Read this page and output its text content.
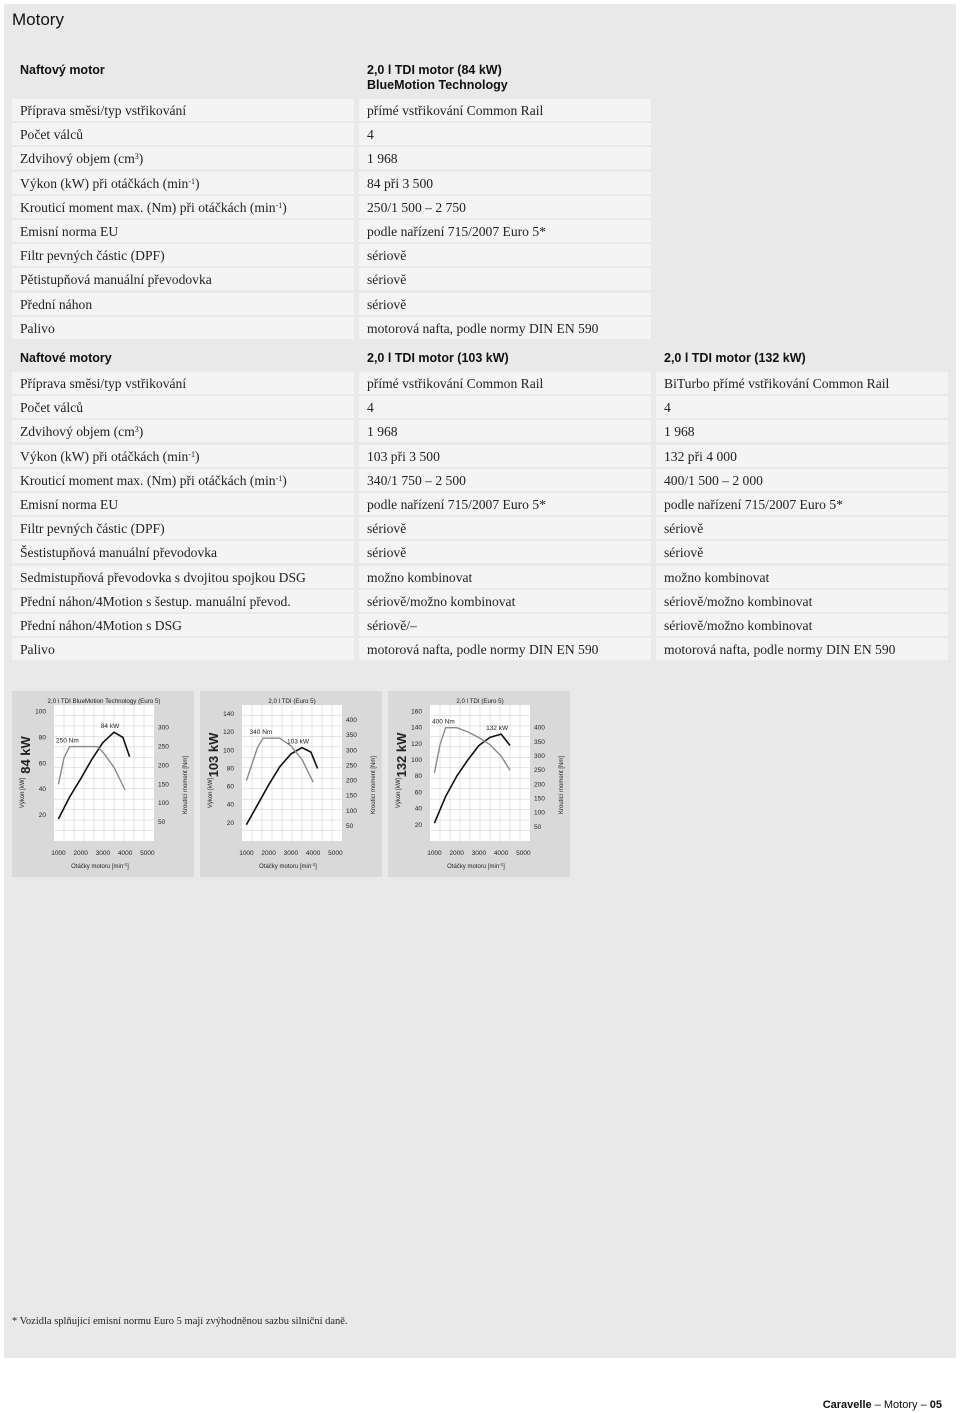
Motory
Naftový motor	2,0 l TDI motor (84 kW)
BlueMotion Technology
Příprava směsi/typ vstřikování	přímé vstřikování Common Rail
Počet válců	4
Zdvihový objem $(cm^3)$	1 968
Výkon (kW) při otáčkách $(\min^{-1})$	84 při 3 500
Krouticí moment max. (Nm) při otáčkách $(\min^{-1})$	250/1 500 – 2 750
Emisní norma EU	podle nařízení 715/2007 Euro 5*
Filtr pevných částic (DPF)	sériově
Pětistupňová manuální převodovka	sériově
Přední náhon	sériově
Palivo	motorová nafta, podle normy DIN EN 590
Naftové motory	2,0 l TDI motor (103 kW)	2,0 l TDI motor (132 kW)
Příprava směsi/typ vstřikování	přímé vstřikování Common Rail	BiTurbo přímé vstřikování Common Rail
Počet válců	4	4
Zdvihový objem $(cm^3)$	1 968	1 968
Výkon (kW) při otáčkách $(\min^{-1})$	103 při 3 500	132 při 4 000
Krouticí moment max. (Nm) při otáčkách $(\min^{-1})$	340/1 750 – 2 500	400/1 500 – 2 000
Emisní norma EU	podle nařízení 715/2007 Euro 5*	podle nařízení 715/2007 Euro 5*
Filtr pevných částic (DPF)	sériově	sériově
Šestistupňová manuální převodovka	sériově	sériově
Sedmistupňová převodovka s dvojitou spojkou DSG	možno kombinovat	možno kombinovat
Přední náhon/4Motion s šestup. manuální převod.	sériově/možno kombinovat	sériově/možno kombinovat
Přední náhon/4Motion s DSG	sériově/–	sériově/možno kombinovat
Palivo	motorová nafta, podle normy DIN EN 590	motorová nafta, podle normy DIN EN 590
84 kW
Výkon [kW]	Krouticí moment [Nm]
2,0 l TDI BlueMotion Technology (Euro 5)
20
40
60
80
100
50
100
150
200
250
300
1000 2000 3000 4000 5000
Otáčky motoru $[\min^{-1}]$
84 kW
250 Nm	103 kW
Výkon [kW]	Krouticí moment [Nm]
2,0 l TDI (Euro 5)
20
40
60
80
100
120
140
50
100
150
200
250
300
350
400
1000 2000 3000 4000 5000
Otáčky motoru $[\min^{-1}]$
103 kW
340 Nm	132 kW
Výkon [kW]	Krouticí moment [Nm]
2,0 l TDI (Euro 5)
20
40
60
80
100
120
140
160
50
100
150
200
250
300
350
400
1000 2000 3000 4000 5000
Otáčky motoru $[\min^{-1}]$
132 kW
400 Nm
* Vozidla splňující emisní normu Euro 5 mají zvýhodněnou sazbu silniční daně.
Caravelle – Motory – 05
